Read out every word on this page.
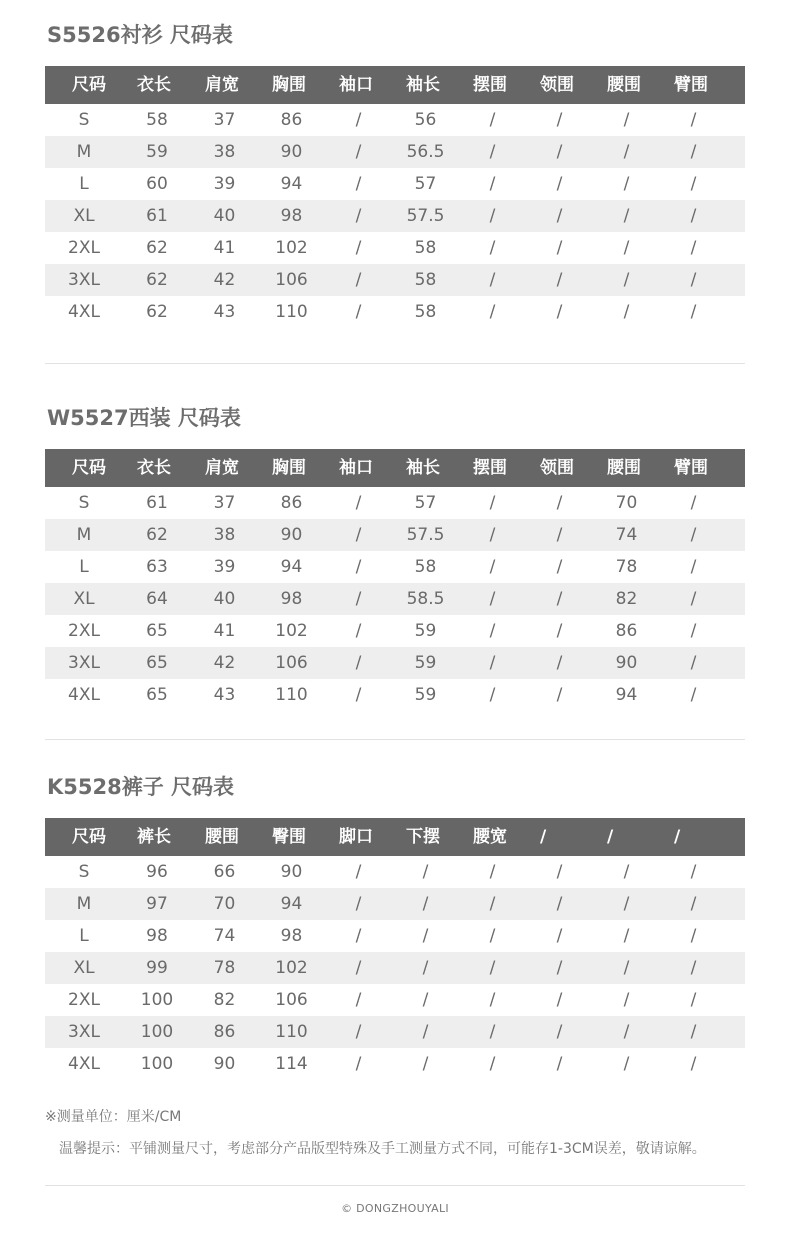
S5526衬衫 尺码表
尺码	衣长	肩宽	胸围	袖口	袖长	摆围	领围	腰围	臂围
S	58	37	86	/	56	/	/	/	/
M	59	38	90	/	56.5	/	/	/	/
L	60	39	94	/	57	/	/	/	/
XL	61	40	98	/	57.5	/	/	/	/
2XL	62	41	102	/	58	/	/	/	/
3XL	62	42	106	/	58	/	/	/	/
4XL	62	43	110	/	58	/	/	/	/
W5527西装 尺码表
尺码	衣长	肩宽	胸围	袖口	袖长	摆围	领围	腰围	臂围
S	61	37	86	/	57	/	/	70	/
M	62	38	90	/	57.5	/	/	74	/
L	63	39	94	/	58	/	/	78	/
XL	64	40	98	/	58.5	/	/	82	/
2XL	65	41	102	/	59	/	/	86	/
3XL	65	42	106	/	59	/	/	90	/
4XL	65	43	110	/	59	/	/	94	/
K5528裤子 尺码表
尺码	裤长	腰围	臀围	脚口	下摆	腰宽	/	/	/
S	96	66	90	/	/	/	/	/	/
M	97	70	94	/	/	/	/	/	/
L	98	74	98	/	/	/	/	/	/
XL	99	78	102	/	/	/	/	/	/
2XL	100	82	106	/	/	/	/	/	/
3XL	100	86	110	/	/	/	/	/	/
4XL	100	90	114	/	/	/	/	/	/
※测量单位：厘米/CM
温馨提示：平铺测量尺寸，考虑部分产品版型特殊及手工测量方式不同，可能存1-3CM误差，敬请谅解。
© DONGZHOUYALI
